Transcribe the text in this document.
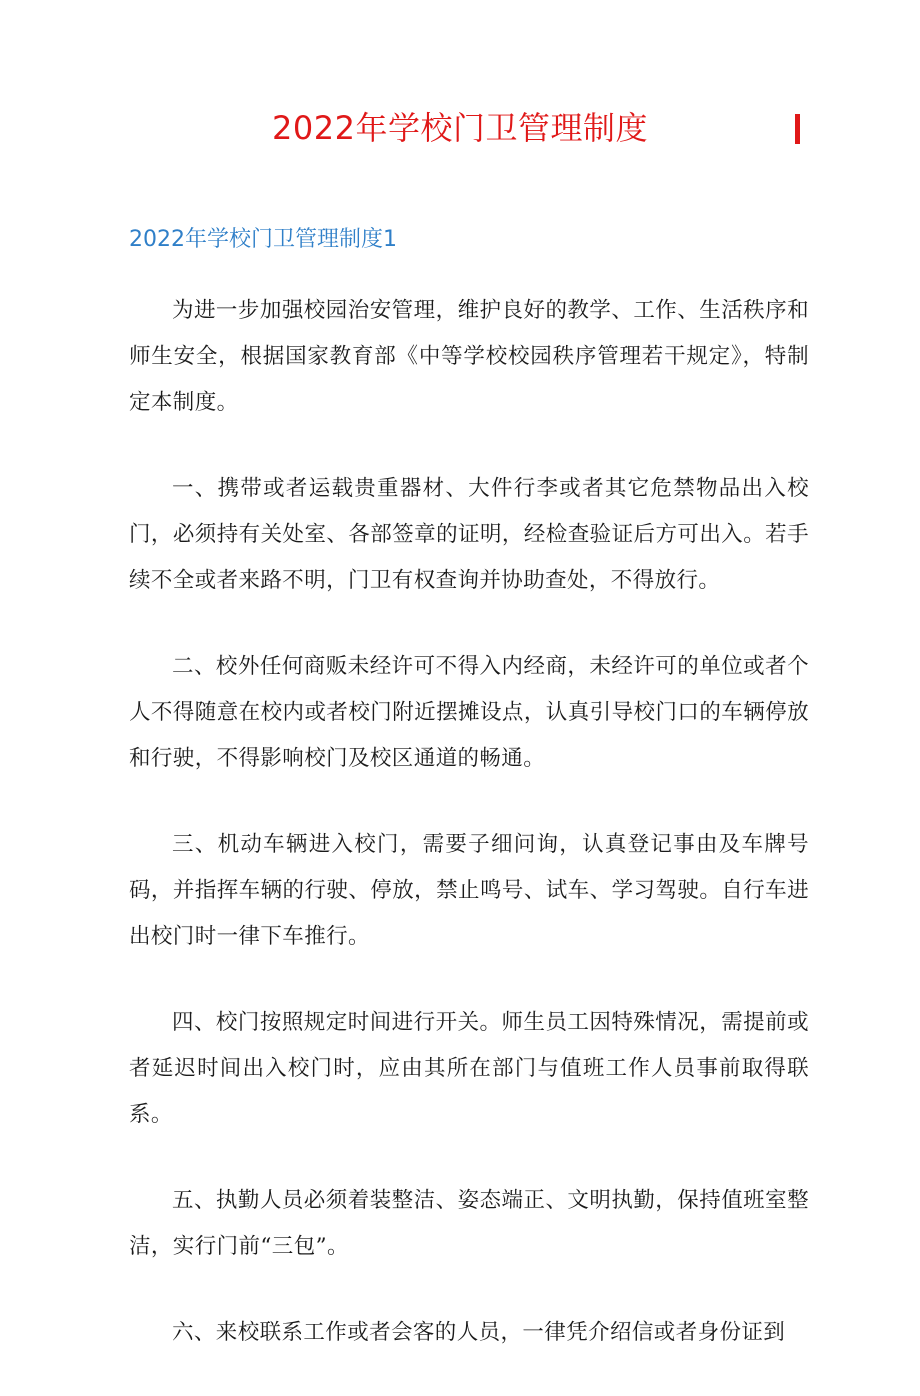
2022年学校门卫管理制度
2022年学校门卫管理制度1

为进一步加强校园治安管理，维护良好的教学、工作、生活秩序和师生安全，根据国家教育部《中等学校校园秩序管理若干规定》，特制定本制度。

一、携带或者运载贵重器材、大件行李或者其它危禁物品出入校门，必须持有关处室、各部签章的证明，经检查验证后方可出入。若手续不全或者来路不明，门卫有权查询并协助查处，不得放行。

二、校外任何商贩未经许可不得入内经商，未经许可的单位或者个人不得随意在校内或者校门附近摆摊设点，认真引导校门口的车辆停放和行驶，不得影响校门及校区通道的畅通。

三、机动车辆进入校门，需要子细问询，认真登记事由及车牌号码，并指挥车辆的行驶、停放，禁止鸣号、试车、学习驾驶。自行车进出校门时一律下车推行。

四、校门按照规定时间进行开关。师生员工因特殊情况，需提前或者延迟时间出入校门时，应由其所在部门与值班工作人员事前取得联系。

五、执勤人员必须着装整洁、姿态端正、文明执勤，保持值班室整洁，实行门前“三包”。

六、来校联系工作或者会客的人员，一律凭介绍信或者身份证到
